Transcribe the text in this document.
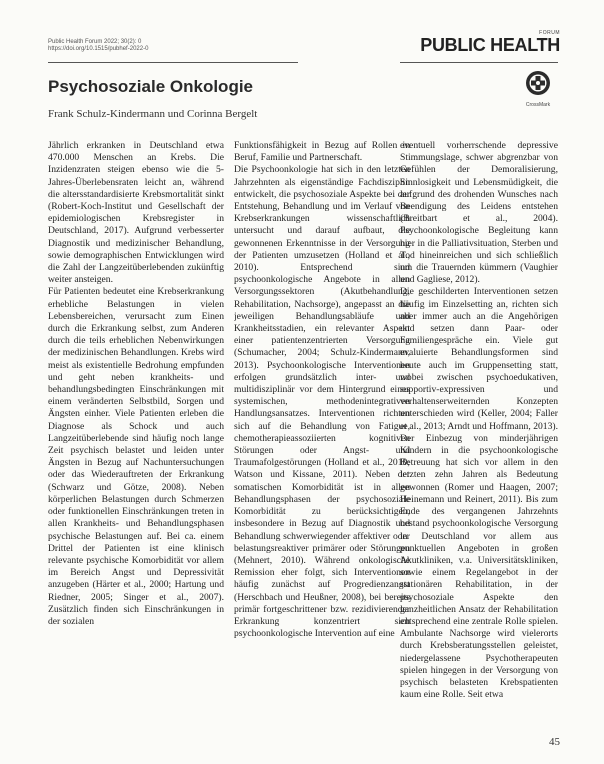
Public Health Forum 2022; 30(2): 0
https://doi.org/10.1515/pubhef-2022-0
FORUM
PUBLIC HEALTH
Psychosoziale Onkologie
Frank Schulz-Kindermann und Corinna Bergelt
CrossMark

Jährlich erkranken in Deutschland etwa 470.000 Menschen an Krebs. Die Inzidenzraten steigen ebenso wie die 5-Jahres-Überlebensraten leicht an, während die altersstandardisierte Krebsmortalität sinkt (Robert-Koch-Institut und Gesellschaft der epidemiologischen Krebsregister in Deutschland, 2017). Aufgrund verbesserter Diagnostik und medizinischer Behandlung, sowie demographischen Entwicklungen wird die Zahl der Langzeitüberlebenden zukünftig weiter ansteigen.

Für Patienten bedeutet eine Krebserkrankung erhebliche Belastungen in vielen Lebensbereichen, verursacht zum Einen durch die Erkrankung selbst, zum Anderen durch die teils erheblichen Nebenwirkungen der medizinischen Behandlungen. Krebs wird meist als existentielle Bedrohung empfunden und geht neben krankheits- und behandlungsbedingten Einschränkungen mit einem veränderten Selbstbild, Sorgen und Ängsten einher. Viele Patienten erleben die Diagnose als Schock und auch Langzeitüberlebende sind häufig noch lange Zeit psychisch belastet und leiden unter Ängsten in Bezug auf Nachuntersuchungen oder das Wiederauftreten der Erkrankung (Schwarz und Götze, 2008). Neben körperlichen Belastungen durch Schmerzen oder funktionellen Einschränkungen treten in allen Krankheits- und Behandlungsphasen psychische Belastungen auf. Bei ca. einem Drittel der Patienten ist eine klinisch relevante psychische Komorbidität vor allem im Bereich Angst und Depressivität anzugeben (Härter et al., 2000; Hartung und Riedner, 2005; Singer et al., 2007). Zusätzlich finden sich Einschränkungen in der sozialen

Funktionsfähigkeit in Bezug auf Rollen in Beruf, Familie und Partnerschaft.

Die Psychoonkologie hat sich in den letzten Jahrzehnten als eigenständige Fachdisziplin entwickelt, die psychosoziale Aspekte bei der Entstehung, Behandlung und im Verlauf von Krebserkrankungen wissenschaftlich untersucht und darauf aufbaut, die gewonnenen Erkenntnisse in der Versorgung der Patienten umzusetzen (Holland et al., 2010). Entsprechend sind psychoonkologische Angebote in allen Versorgungssektoren (Akutbehandlung, Rehabilitation, Nachsorge), angepasst an die jeweiligen Behandlungsabläufe und Krankheitsstadien, ein relevanter Aspekt einer patientenzentrierten Versorgung (Schumacher, 2004; Schulz-Kindermann, 2013). Psychoonkologische Interventionen erfolgen grundsätzlich inter- und multidisziplinär vor dem Hintergrund eines systemischen, methodenintegrativen Handlungsansatzes. Interventionen richten sich auf die Behandlung von Fatigue, chemotherapieassoziierten kognitiven Störungen oder Angst- und Traumafolgestörungen (Holland et al., 2010; Watson und Kissane, 2011). Neben der somatischen Komorbidität ist in allen Behandlungsphasen der psychosoziale Komorbidität zu berücksichtigen, insbesondere in Bezug auf Diagnostik und Behandlung schwerwiegender affektiver oder belastungsreaktiver primärer oder Störungen (Mehnert, 2010). Während onkologische Remission eher folgt, sich Interventionen häufig zunächst auf Progredienzangst (Herschbach und Heußner, 2008), bei bereits primär fortgeschrittener bzw. rezidivierender Erkrankung konzentriert sich psychoonkologische Intervention auf eine

eventuell vorherrschende depressive Stimmungslage, schwer abgrenzbar von Gefühlen der Demoralisierung, Sinnlosigkeit und Lebensmüdigkeit, die aufgrund des drohenden Wunsches nach Beendigung des Leidens entstehen (Breitbart et al., 2004). Psychoonkologische Begleitung kann hier in die Palliativsituation, Sterben und Tod hineinreichen und sich schließlich um die Trauernden kümmern (Vaughier und Gagliese, 2012).

Die geschilderten Interventionen setzen häufig im Einzelsetting an, richten sich aber immer auch an die Angehörigen und setzen dann Paar- oder Familiengespräche ein. Viele gut evaluierte Behandlungsformen sind heute auch im Gruppensetting statt, wobei zwischen psychoedukativen, supportiv-expressiven und verhaltenserweiternden Konzepten unterschieden wird (Keller, 2004; Faller et al., 2013; Arndt und Hoffmann, 2013). Der Einbezug von minderjährigen Kindern in die psychoonkologische Betreuung hat sich vor allem in den letzten zehn Jahren als Bedeutung gewonnen (Romer und Haagen, 2007; Heinemann und Reinert, 2011). Bis zum Ende des vergangenen Jahrzehnts bestand psychoonkologische Versorgung in Deutschland vor allem aus punktuellen Angeboten in großen Akutkliniken, v.a. Universitätskliniken, sowie einem Regelangebot in der stationären Rehabilitation, in der psychosoziale Aspekte den ganzheitlichen Ansatz der Rehabilitation entsprechend eine zentrale Rolle spielen. Ambulante Nachsorge wird vielerorts durch Krebsberatungsstellen geleistet, niedergelassene Psychotherapeuten spielen hingegen in der Versorgung von psychisch belasteten Krebspatienten kaum eine Rolle. Seit etwa

45
